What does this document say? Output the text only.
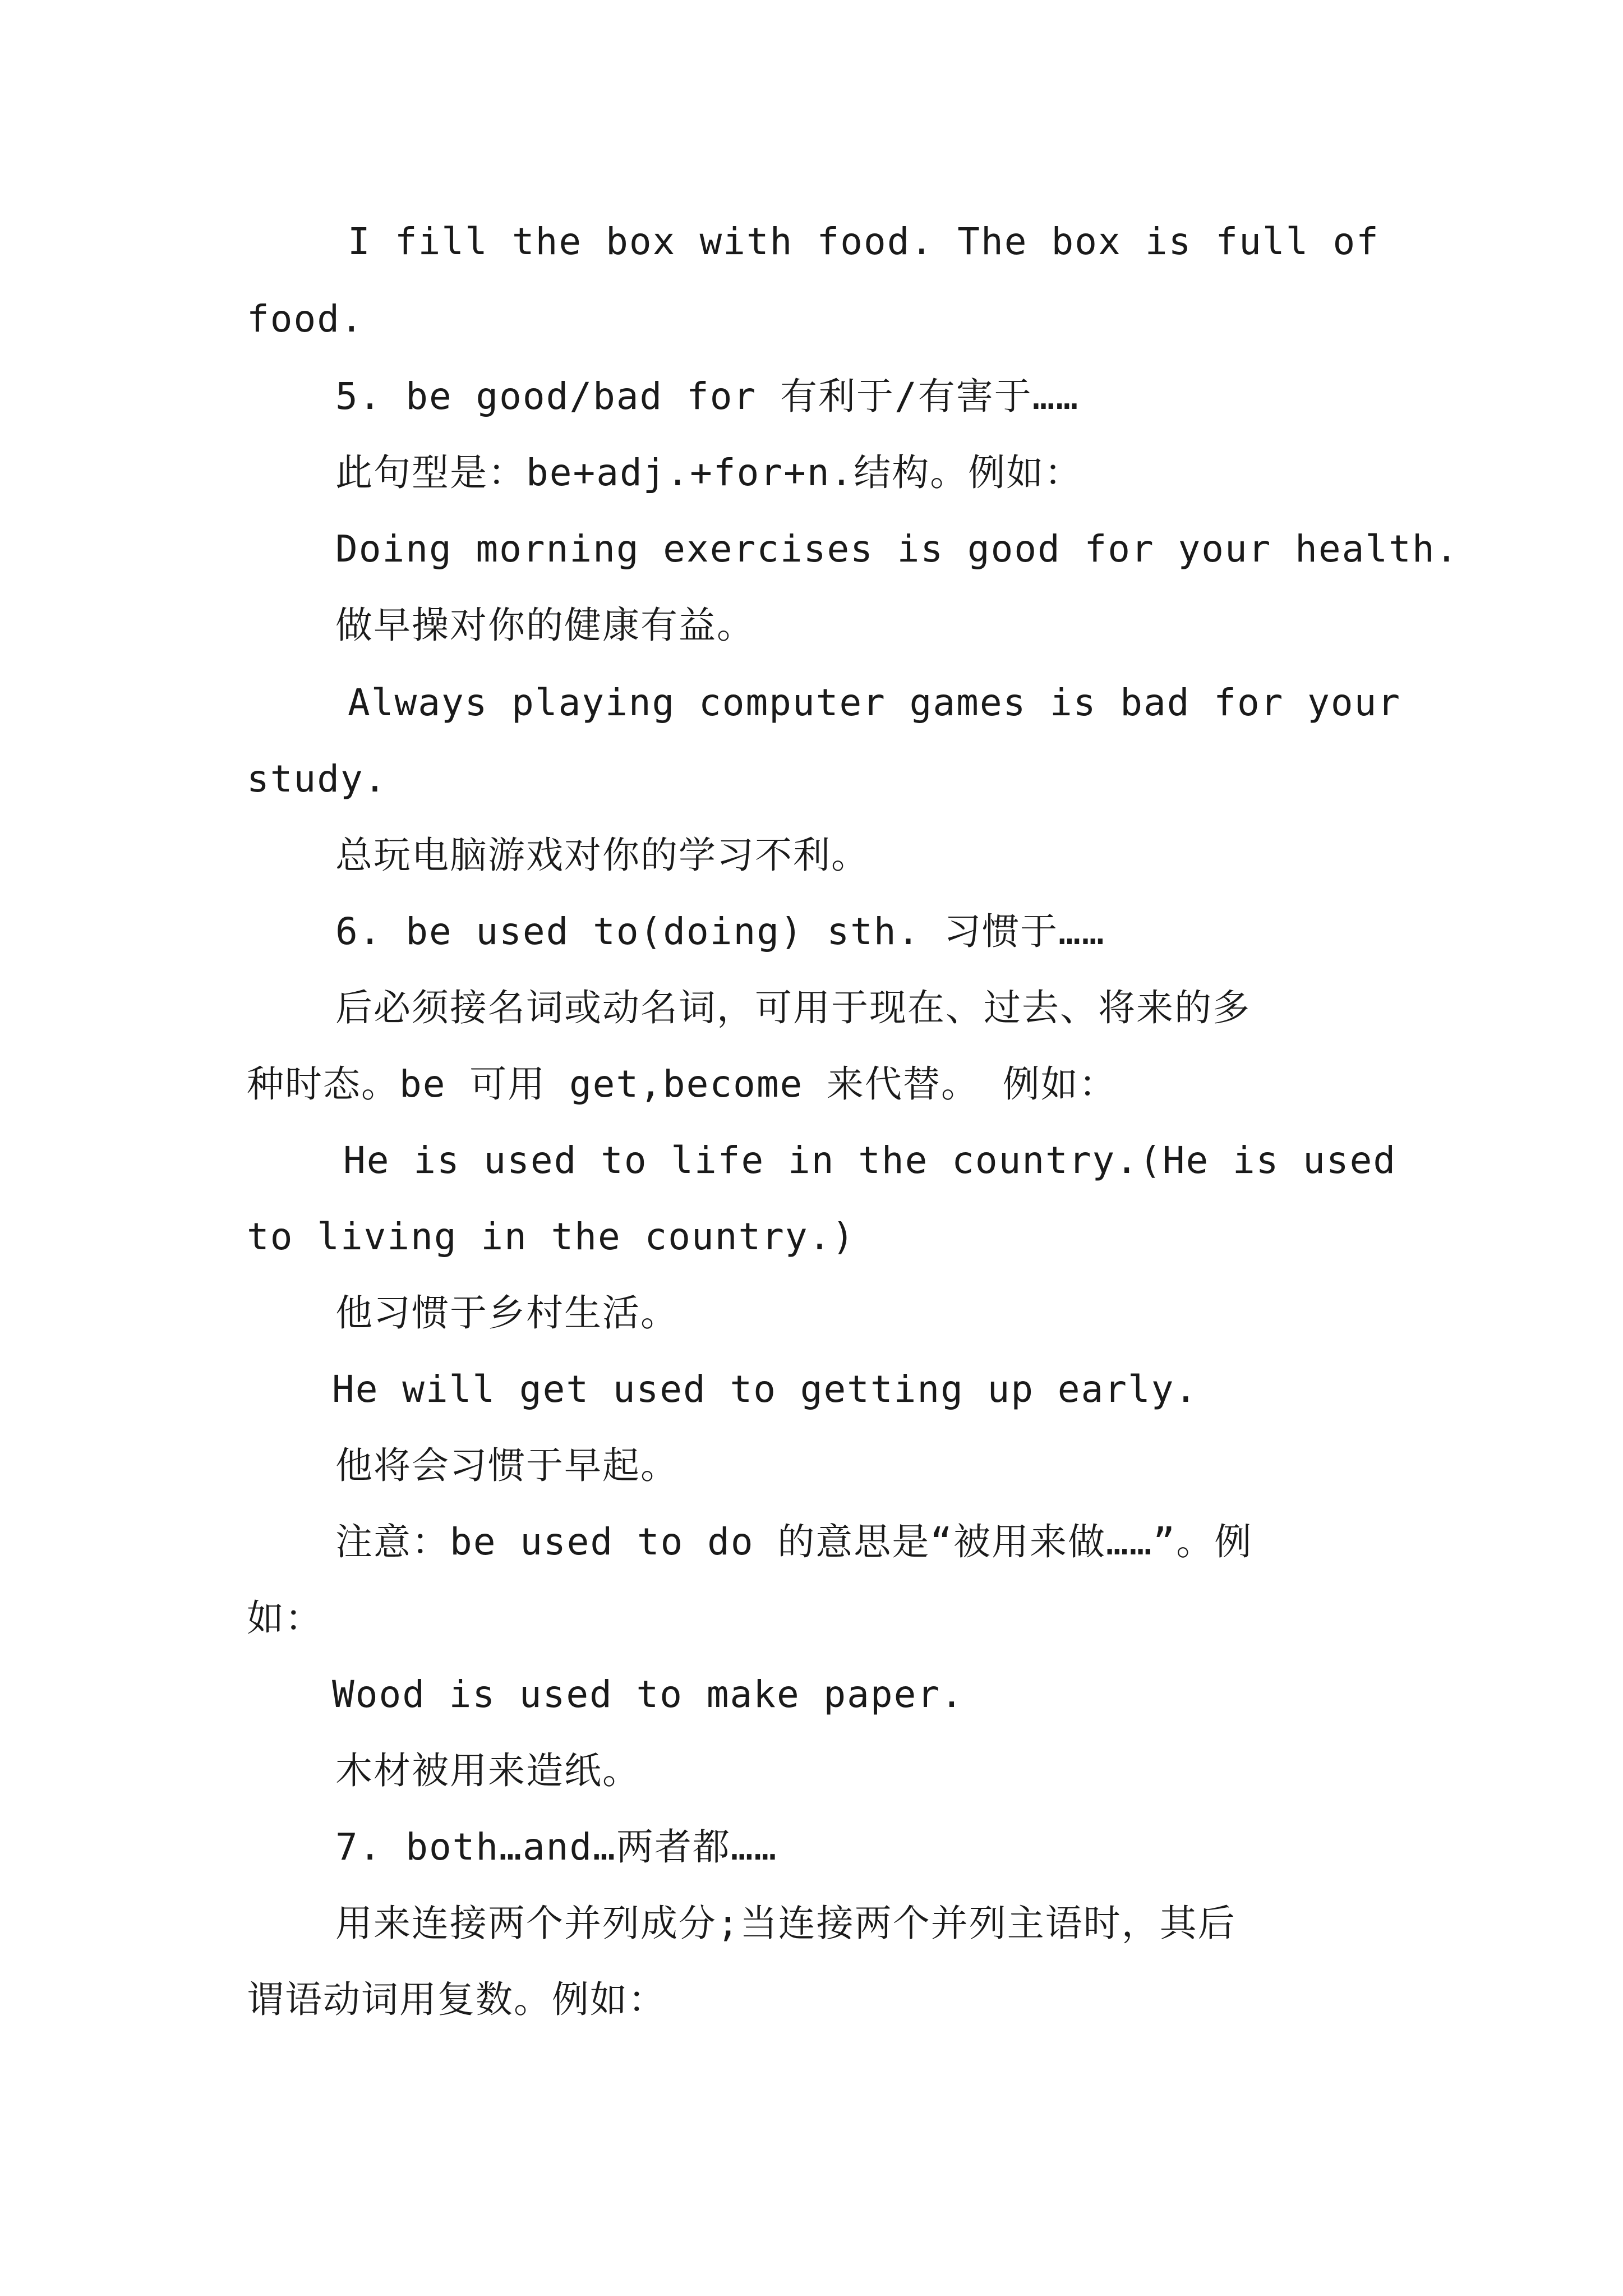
I fill the box with food. The box is full of
food.
5. be good/bad for 有利于/有害于……
此句型是：be+adj.+for+n.结构。例如：
Doing morning exercises is good for your health.
做早操对你的健康有益。
Always playing computer games is bad for your
study.
总玩电脑游戏对你的学习不利。
6. be used to(doing) sth. 习惯于……
后必须接名词或动名词，可用于现在、过去、将来的多
种时态。be 可用 get,become 来代替。 例如：
He is used to life in the country.(He is used
to living in the country.)
他习惯于乡村生活。
He will get used to getting up early.
他将会习惯于早起。
注意：be used to do 的意思是“被用来做……”。例
如：
Wood is used to make paper.
木材被用来造纸。
7. both…and…两者都……
用来连接两个并列成分;当连接两个并列主语时，其后
谓语动词用复数。例如：
